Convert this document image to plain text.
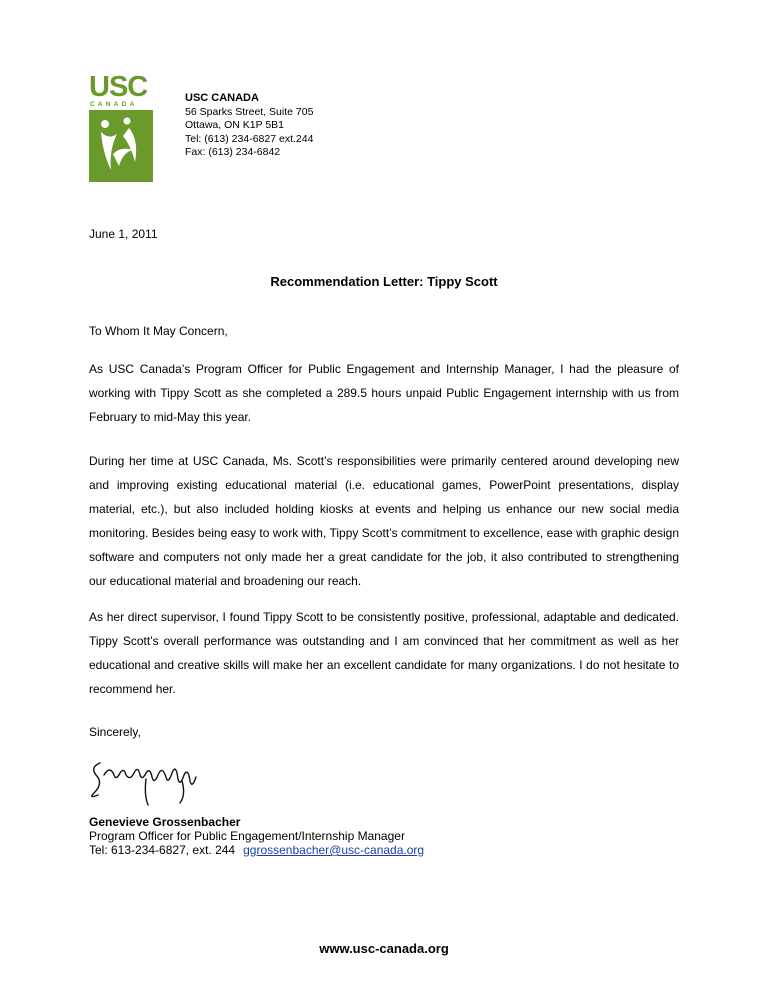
USC
CANADA
USC CANADA
56 Sparks Street, Suite 705
Ottawa, ON K1P 5B1
Tel: (613) 234-6827 ext.244
Fax: (613) 234-6842
June 1, 2011
Recommendation Letter: Tippy Scott
To Whom It May Concern,
As USC Canada’s Program Officer for Public Engagement and Internship Manager, I had the pleasure of working with Tippy Scott as she completed a 289.5 hours unpaid Public Engagement internship with us from February to mid-May this year.
During her time at USC Canada, Ms. Scott’s responsibilities were primarily centered around developing new and improving existing educational material (i.e. educational games, PowerPoint presentations, display material, etc.), but also included holding kiosks at events and helping us enhance our new social media monitoring. Besides being easy to work with, Tippy Scott’s commitment to excellence, ease with graphic design software and computers not only made her a great candidate for the job, it also contributed to strengthening our educational material and broadening our reach.
As her direct supervisor, I found Tippy Scott to be consistently positive, professional, adaptable and dedicated. Tippy Scott’s overall performance was outstanding and I am convinced that her commitment as well as her educational and creative skills will make her an excellent candidate for many organizations. I do not hesitate to recommend her.
Sincerely,
Genevieve Grossenbacher
Program Officer for Public Engagement/Internship Manager
Tel: 613-234-6827, ext. 244 ggrossenbacher@usc-canada.org
www.usc-canada.org
